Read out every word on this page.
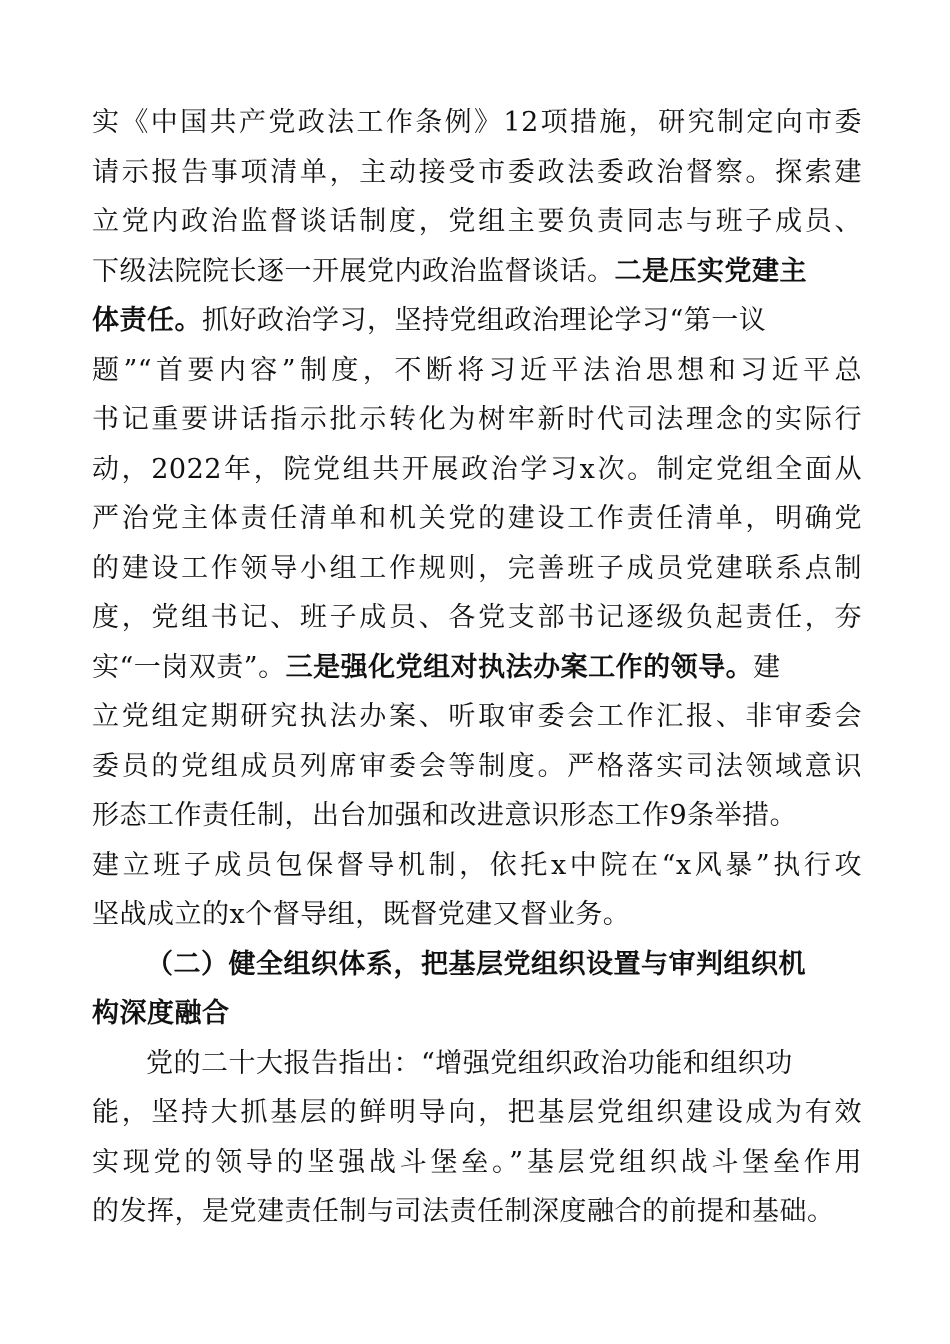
实《中国共产党政法工作条例》12项措施，研究制定向市委
请示报告事项清单，主动接受市委政法委政治督察。探索建
立党内政治监督谈话制度，党组主要负责同志与班子成员、
下级法院院长逐一开展党内政治监督谈话。二是压实党建主
体责任。抓好政治学习，坚持党组政治理论学习“第一议
题”“首要内容”制度，不断将习近平法治思想和习近平总
书记重要讲话指示批示转化为树牢新时代司法理念的实际行
动，2022年，院党组共开展政治学习x次。制定党组全面从
严治党主体责任清单和机关党的建设工作责任清单，明确党
的建设工作领导小组工作规则，完善班子成员党建联系点制
度，党组书记、班子成员、各党支部书记逐级负起责任，夯
实“一岗双责”。三是强化党组对执法办案工作的领导。建
立党组定期研究执法办案、听取审委会工作汇报、非审委会
委员的党组成员列席审委会等制度。严格落实司法领域意识
形态工作责任制，出台加强和改进意识形态工作9条举措。
建立班子成员包保督导机制，依托x中院在“x风暴”执行攻
坚战成立的x个督导组，既督党建又督业务。
（二）健全组织体系，把基层党组织设置与审判组织机
构深度融合
党的二十大报告指出：“增强党组织政治功能和组织功
能，坚持大抓基层的鲜明导向，把基层党组织建设成为有效
实现党的领导的坚强战斗堡垒。”基层党组织战斗堡垒作用
的发挥，是党建责任制与司法责任制深度融合的前提和基础。
